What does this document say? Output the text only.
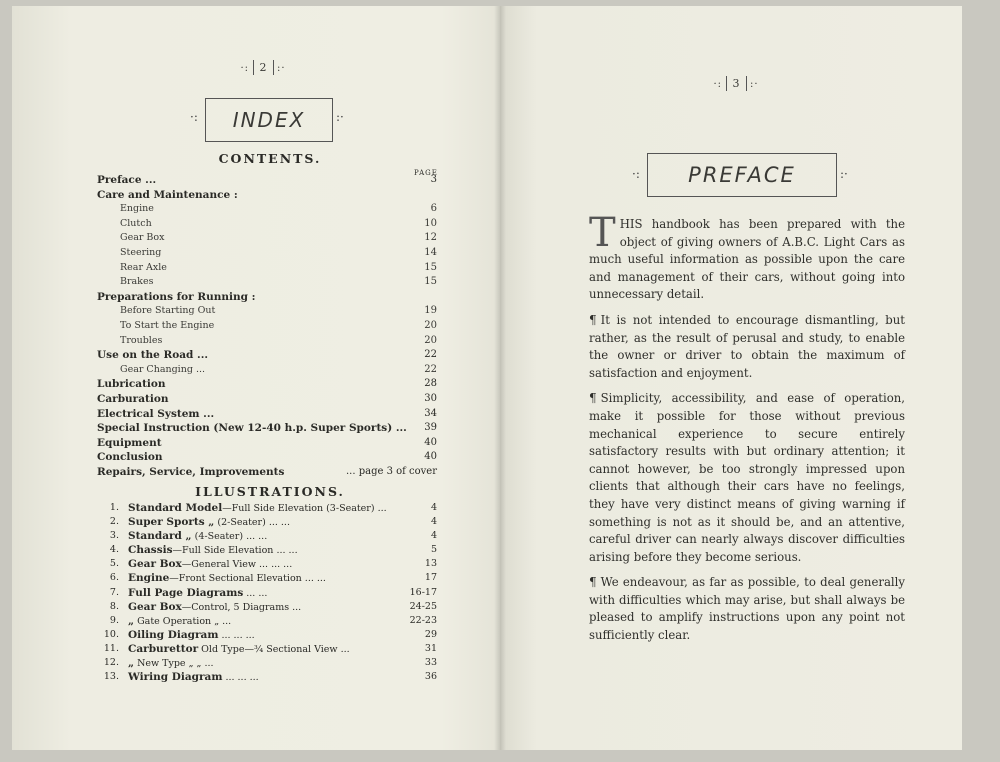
·: 2 :·
·:	INDEX	:·
CONTENTS.
PAGE
Preface ...	3
Care and Maintenance :
Engine	6
Clutch	10
Gear Box	12
Steering	14
Rear Axle	15
Brakes	15
Preparations for Running :
Before Starting Out	19
To Start the Engine	20
Troubles	20
Use on the Road ...	22
Gear Changing ...	22
Lubrication	28
Carburation	30
Electrical System ...	34
Special Instruction (New 12-40 h.p. Super Sports) ... 39
Equipment	40
Conclusion	40
Repairs, Service, Improvements	... page 3 of cover
ILLUSTRATIONS.
1. Standard Model—Full Side Elevation (3-Seater) ...	4
2. Super Sports „ (2-Seater) ... ...	4
3. Standard „ (4-Seater) ... ...	4
4. Chassis—Full Side Elevation ... ...	5
5. Gear Box—General View ... ... ...	13
6. Engine—Front Sectional Elevation ... ...	17
7. Full Page Diagrams ... ...	16-17
8. Gear Box—Control, 5 Diagrams ...	24-25
9. „ Gate Operation „ ...	22-23
10. Oiling Diagram ... ... ...	29
11. Carburettor Old Type—¾ Sectional View ...	31
12. „ New Type „ „ ...	33
13. Wiring Diagram ... ... ...	36
·: 3 :·
·:	PREFACE	:·

THIS handbook has been prepared with the object of giving owners of A.B.C. Light Cars as much useful information as possible upon the care and management of their cars, without going into unnecessary detail.

¶ It is not intended to encourage dismantling, but rather, as the result of perusal and study, to enable the owner or driver to obtain the maximum of satisfaction and enjoyment.

¶ Simplicity, accessibility, and ease of operation, make it possible for those without previous mechanical experience to secure entirely satisfactory results with but ordinary attention; it cannot however, be too strongly impressed upon clients that although their cars have no feelings, they have very distinct means of giving warning if something is not as it should be, and an attentive, careful driver can nearly always discover difficulties arising before they become serious.

¶ We endeavour, as far as possible, to deal generally with difficulties which may arise, but shall always be pleased to amplify instructions upon any point not sufficiently clear.
